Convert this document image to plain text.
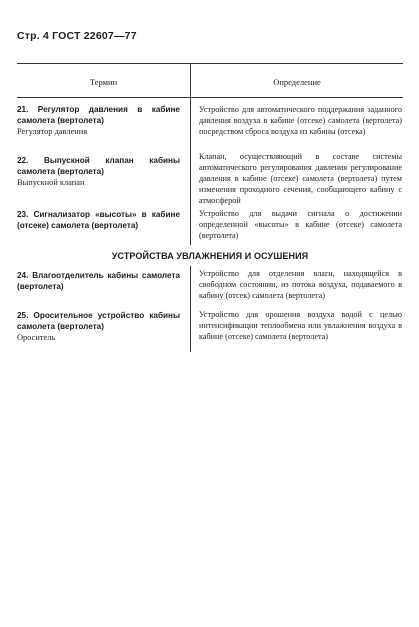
Стр. 4 ГОСТ 22607—77
Термин	Определение
21. Регулятор давления в кабине самолета (вертолета)
Регулятор давления
Устройство для автоматического поддержания заданного давления воздуха в кабине (отсеке) самолета (вертолета) посредством сброса воздуха из кабины (отсека)
22. Выпускной клапан кабины самолета (вертолета)
Выпускной клапан
Клапан, осуществляющий в составе системы автоматического регулирования давления регулирование давления в кабине (отсеке) самолета (вертолета) путем изменения проходного сечения, сообщающего кабину с атмосферой
23. Сигнализатор «высоты» в кабине (отсеке) самолета (вертолета)
Устройство для выдачи сигнала о достижении определенной «высоты» в кабине (отсеке) самолета (вертолета)
УСТРОЙСТВА УВЛАЖНЕНИЯ И ОСУШЕНИЯ
24. Влагоотделитель кабины самолета (вертолета)
Устройство для отделения влаги, находящейся в свободном состоянии, из потока воздуха, подаваемого в кабину (отсек) самолета (вертолета)
25. Оросительное устройство кабины самолета (вертолета)
Ороситель
Устройство для орошения воздуха водой с целью интенсификации теплообмена или увлажнения воздуха в кабине (отсеке) самолета (вертолета)
